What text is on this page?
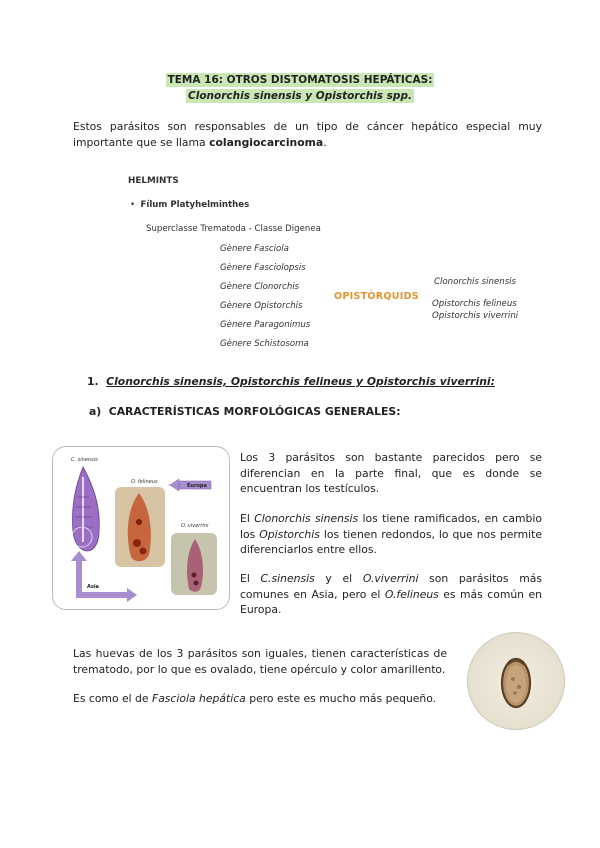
TEMA 16: OTROS DISTOMATOSIS HEPÁTICAS:
Clonorchis sinensis y Opistorchis spp.
Estos parásitos son responsables de un tipo de cáncer hepático especial muy importante que se llama colangiocarcinoma.
HELMINTS
•  Fílum Platyhelminthes
Superclasse Trematoda - Classe Digenea
Gènere Fasciola
Gènere Fasciolopsis
Gènere Clonorchis
Gènere Opistorchis
Gènere Paragonimus
Gènere Schistosoma
OPISTÒRQUIDS
Clonorchis sinensis
Opistorchis felineus
Opistorchis viverrini
1. Clonorchis sinensis, Opistorchis felineus y Opistorchis viverrini:
a) CARACTERÍSTICAS MORFOLÓGICAS GENERALES:
C. sinensis
O. felineus
Europa
O. viverrini
Asia
Los 3 parásitos son bastante parecidos pero se diferencian en la parte final, que es donde se encuentran los testículos.
El Clonorchis sinensis los tiene ramificados, en cambio los Opistorchis los tienen redondos, lo que nos permite diferenciarlos entre ellos.
El C.sinensis y el O.viverrini son parásitos más comunes en Asia, pero el O.felineus es más común en Europa.
Las huevas de los 3 parásitos son iguales, tienen características de trematodo, por lo que es ovalado, tiene opérculo y color amarillento.
Es como el de Fasciola hepática pero este es mucho más pequeño.
